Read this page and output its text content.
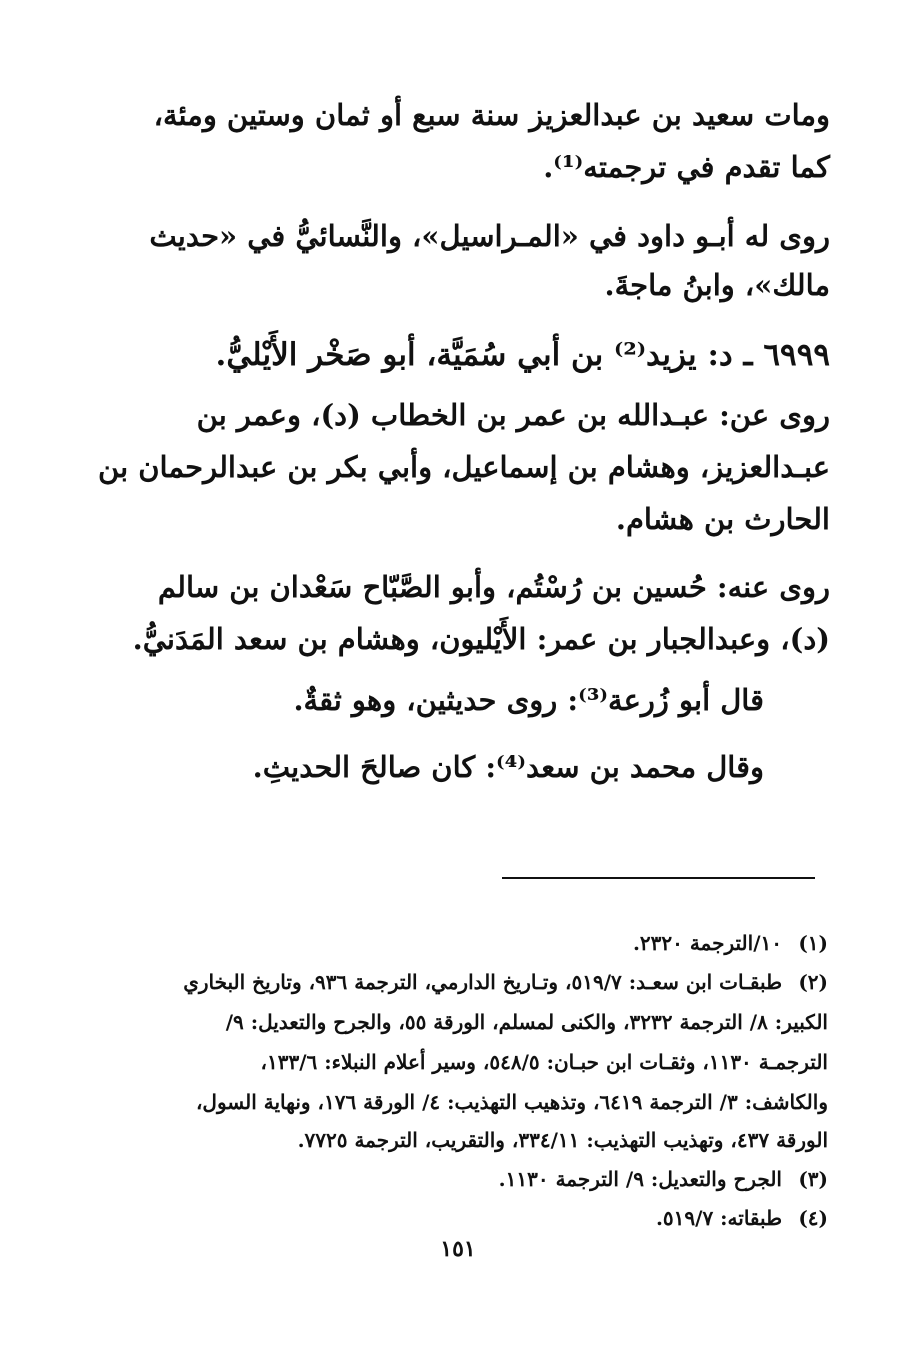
ومات سعيد بن عبدالعزيز سنة سبع أو ثمان وستين ومئة،
كما تقدم في ترجمته⁽¹⁾.
روى له أبـو داود في «المـراسيل»، والنَّسائيُّ في «حديث
مالك»، وابنُ ماجةَ.
٦٩٩٩ ـ د: يزيد⁽²⁾ بن أبي سُمَيَّة، أبو صَخْر الأَيْليُّ.
روى عن: عبـدالله بن عمر بن الخطاب (د)، وعمر بن
عبـدالعزيز، وهشام بن إسماعيل، وأبي بكر بن عبدالرحمان بن
الحارث بن هشام.
روى عنه: حُسين بن رُسْتُم، وأبو الصَّبّاح سَعْدان بن سالم
(د)، وعبدالجبار بن عمر: الأَيْليون، وهشام بن سعد المَدَنيُّ.
قال أبو زُرعة⁽³⁾: روى حديثين، وهو ثقةٌ.
وقال محمد بن سعد⁽⁴⁾: كان صالحَ الحديثِ.
(١)
١٠/الترجمة ٢٣٢٠.
(٢)
طبقـات ابن سعـد: ٥١٩/٧، وتـاريخ الدارمي، الترجمة ٩٣٦، وتاريخ البخاري
الكبير: ٨/ الترجمة ٣٢٣٢، والكنى لمسلم، الورقة ٥٥، والجرح والتعديل: ٩/
الترجمـة ١١٣٠، وثقـات ابن حبـان: ٥٤٨/٥، وسير أعلام النبلاء: ١٣٣/٦،
والكاشف: ٣/ الترجمة ٦٤١٩، وتذهيب التهذيب: ٤/ الورقة ١٧٦، ونهاية السول،
الورقة ٤٣٧، وتهذيب التهذيب: ٣٣٤/١١، والتقريب، الترجمة ٧٧٢٥.
(٣)
الجرح والتعديل: ٩/ الترجمة ١١٣٠.
(٤)
طبقاته: ٥١٩/٧.
١٥١
